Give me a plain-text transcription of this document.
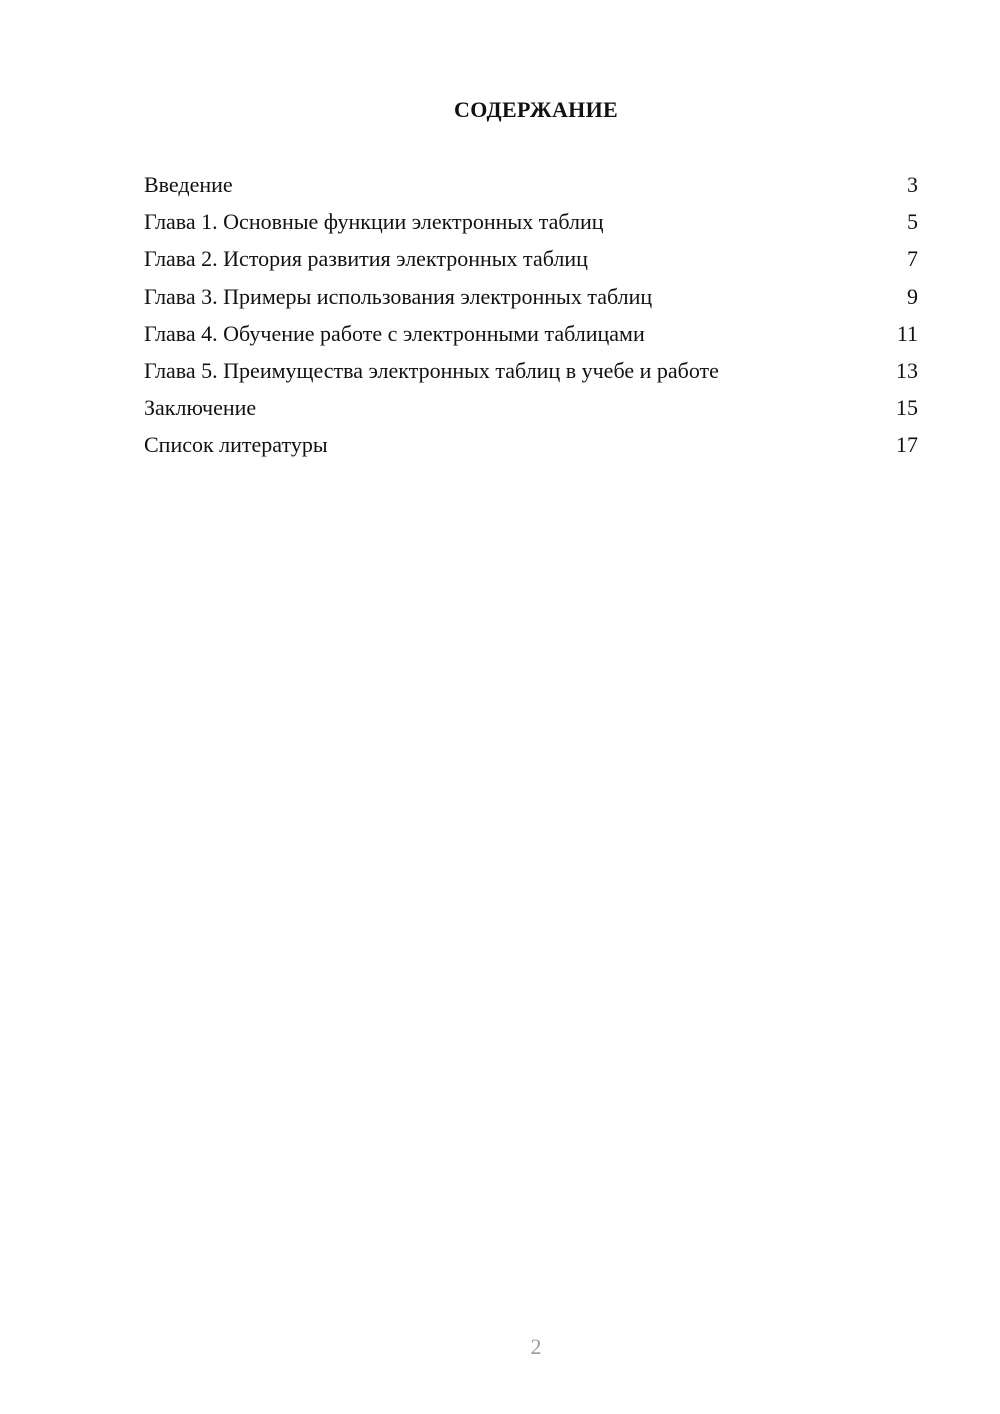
СОДЕРЖАНИЕ
Введение	3
Глава 1. Основные функции электронных таблиц	5
Глава 2. История развития электронных таблиц	7
Глава 3. Примеры использования электронных таблиц	9
Глава 4. Обучение работе с электронными таблицами	11
Глава 5. Преимущества электронных таблиц в учебе и работе	13
Заключение	15
Список литературы	17
2
